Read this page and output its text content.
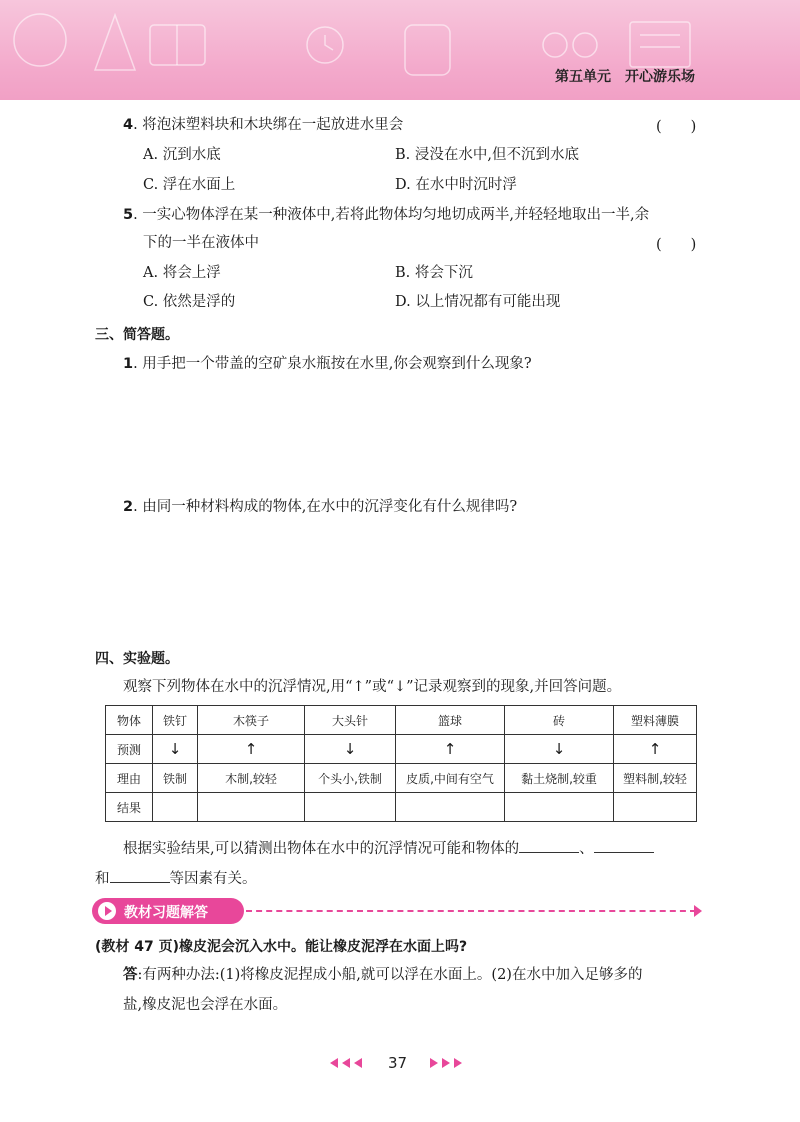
第五单元　开心游乐场
4. 将泡沫塑料块和木块绑在一起放进水里会	(　　)
A. 沉到水底	B. 浸没在水中,但不沉到水底
C. 浮在水面上	D. 在水中时沉时浮
5. 一实心物体浮在某一种液体中,若将此物体均匀地切成两半,并轻轻地取出一半,余
下的一半在液体中	(　　)
A. 将会上浮	B. 将会下沉
C. 依然是浮的	D. 以上情况都有可能出现
三、简答题。
1. 用手把一个带盖的空矿泉水瓶按在水里,你会观察到什么现象?
2. 由同一种材料构成的物体,在水中的沉浮变化有什么规律吗?
四、实验题。
观察下列物体在水中的沉浮情况,用“↑”或“↓”记录观察到的现象,并回答问题。
物体	铁钉	木筷子	大头针	篮球	砖	塑料薄膜
预测	↓	↑	↓	↑	↓	↑
理由	铁制	木制,较轻	个头小,铁制	皮质,中间有空气	黏土烧制,较重	塑料制,较轻
结果						
根据实验结果,可以猜测出物体在水中的沉浮情况可能和物体的	、
和	等因素有关。
教材习题解答
(教材 47 页)橡皮泥会沉入水中。能让橡皮泥浮在水面上吗?
答:有两种办法:(1)将橡皮泥捏成小船,就可以浮在水面上。(2)在水中加入足够多的
盐,橡皮泥也会浮在水面。
37
